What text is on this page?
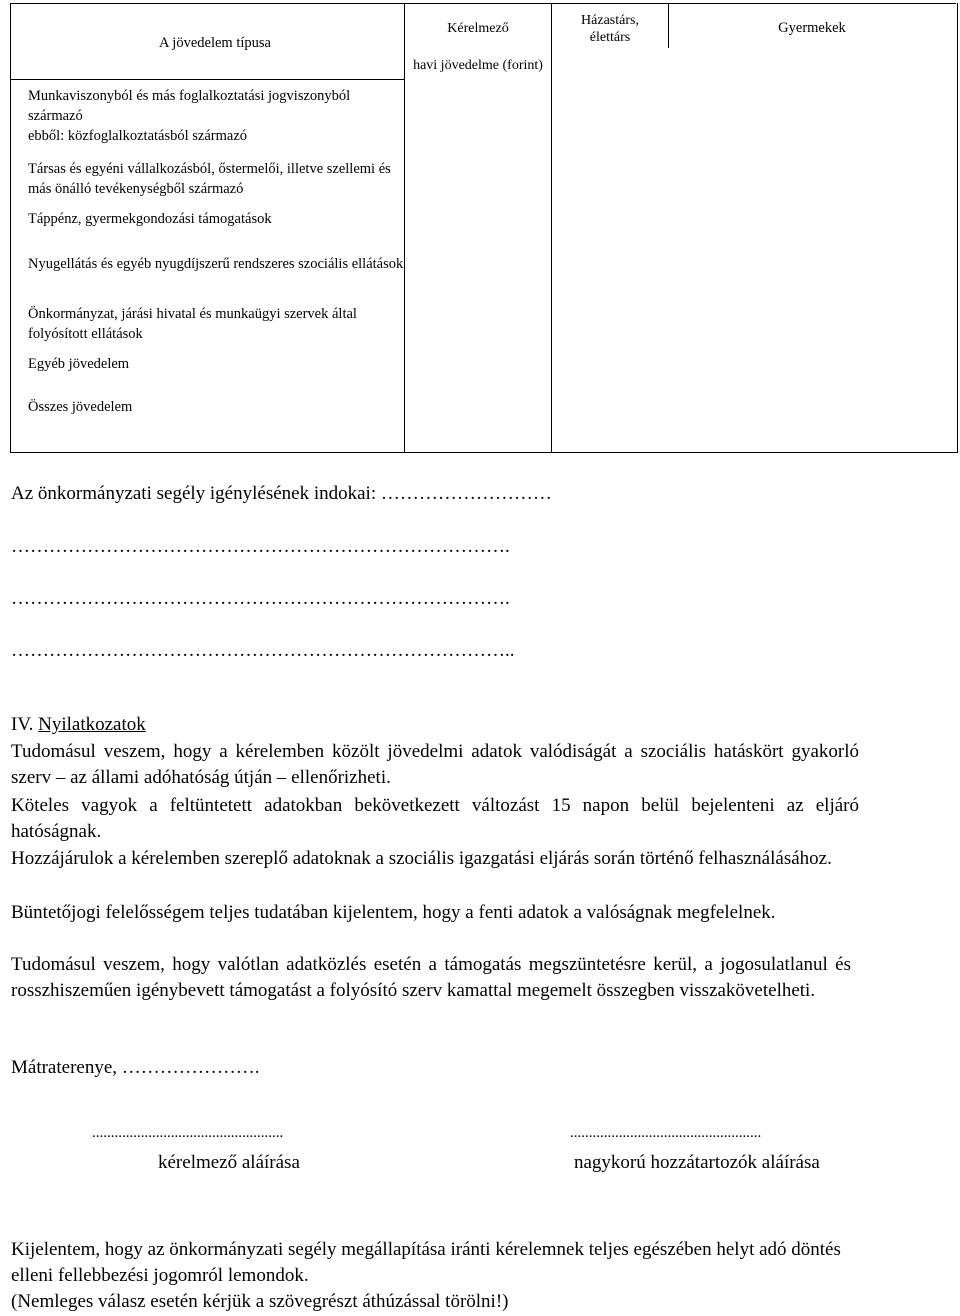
A jövedelem típusa
Kérelmező
havi jövedelme (forint)
Házastárs,
élettárs
Gyermekek
Munkaviszonyból és más foglalkoztatási jogviszonyból származó
ebből: közfoglalkoztatásból származó
Társas és egyéni vállalkozásból, őstermelői, illetve szellemi és más önálló tevékenységből származó
Táppénz, gyermekgondozási támogatások
Nyugellátás és egyéb nyugdíjszerű rendszeres szociális ellátások
Önkormányzat, járási hivatal és munkaügyi szervek által folyósított ellátások
Egyéb jövedelem
Összes jövedelem
Az önkormányzati segély igénylésének indokai: ………………………
…………………………………………………………………….
…………………………………………………………………….
……………………………………………………………………..
IV. Nyilatkozatok
Tudomásul veszem, hogy a kérelemben közölt jövedelmi adatok valódiságát a szociális hatáskört gyakorló szerv – az állami adóhatóság útján – ellenőrizheti.
Köteles vagyok a feltüntetett adatokban bekövetkezett változást 15 napon belül bejelenteni az eljáró hatóságnak.
Hozzájárulok a kérelemben szereplő adatoknak a szociális igazgatási eljárás során történő felhasználásához.
Büntetőjogi felelősségem teljes tudatában kijelentem, hogy a fenti adatok a valóságnak megfelelnek.
Tudomásul veszem, hogy valótlan adatközlés esetén a támogatás megszüntetésre kerül, a jogosulatlanul és rosszhiszeműen igénybevett támogatást a folyósító szerv kamattal megemelt összegben visszakövetelheti.
Mátraterenye, ………………….
...................................................	...................................................
kérelmező aláírása	nagykorú hozzátartozók aláírása
Kijelentem, hogy az önkormányzati segély megállapítása iránti kérelemnek teljes egészében helyt adó döntés elleni fellebbezési jogomról lemondok.
(Nemleges válasz esetén kérjük a szövegrészt áthúzással törölni!)
